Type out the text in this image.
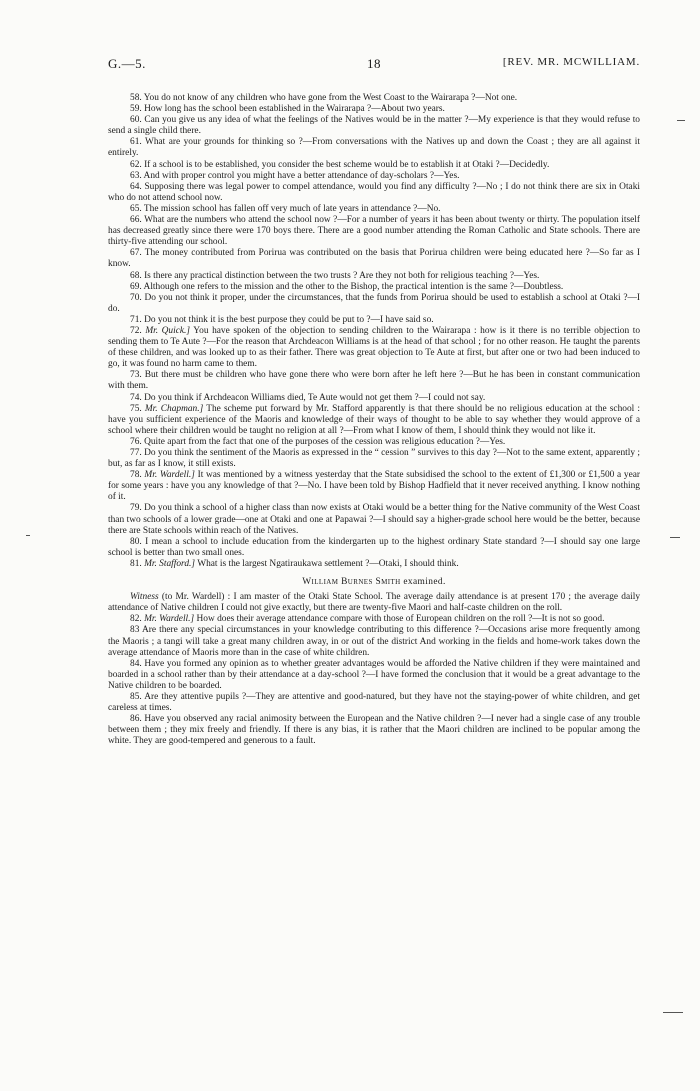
G.—5.	18	[REV. MR. MCWILLIAM.

58. You do not know of any children who have gone from the West Coast to the Wairarapa ?—Not one.

59. How long has the school been established in the Wairarapa ?—About two years.

60. Can you give us any idea of what the feelings of the Natives would be in the matter ?—My experience is that they would refuse to send a single child there.

61. What are your grounds for thinking so ?—From conversations with the Natives up and down the Coast ; they are all against it entirely.

62. If a school is to be established, you consider the best scheme would be to establish it at Otaki ?—Decidedly.

63. And with proper control you might have a better attendance of day-scholars ?—Yes.

64. Supposing there was legal power to compel attendance, would you find any difficulty ?—No ; I do not think there are six in Otaki who do not attend school now.

65. The mission school has fallen off very much of late years in attendance ?—No.

66. What are the numbers who attend the school now ?—For a number of years it has been about twenty or thirty. The population itself has decreased greatly since there were 170 boys there. There are a good number attending the Roman Catholic and State schools. There are thirty-five attending our school.

67. The money contributed from Porirua was contributed on the basis that Porirua children were being educated here ?—So far as I know.

68. Is there any practical distinction between the two trusts ? Are they not both for religious teaching ?—Yes.

69. Although one refers to the mission and the other to the Bishop, the practical intention is the same ?—Doubtless.

70. Do you not think it proper, under the circumstances, that the funds from Porirua should be used to establish a school at Otaki ?—I do.

71. Do you not think it is the best purpose they could be put to ?—I have said so.

72. Mr. Quick.] You have spoken of the objection to sending children to the Wairarapa : how is it there is no terrible objection to sending them to Te Aute ?—For the reason that Archdeacon Williams is at the head of that school ; for no other reason. He taught the parents of these children, and was looked up to as their father. There was great objection to Te Aute at first, but after one or two had been induced to go, it was found no harm came to them.

73. But there must be children who have gone there who were born after he left here ?—But he has been in constant communication with them.

74. Do you think if Archdeacon Williams died, Te Aute would not get them ?—I could not say.

75. Mr. Chapman.] The scheme put forward by Mr. Stafford apparently is that there should be no religious education at the school : have you sufficient experience of the Maoris and knowledge of their ways of thought to be able to say whether they would approve of a school where their children would be taught no religion at all ?—From what I know of them, I should think they would not like it.

76. Quite apart from the fact that one of the purposes of the cession was religious education ?—Yes.

77. Do you think the sentiment of the Maoris as expressed in the “ cession ” survives to this day ?—Not to the same extent, apparently ; but, as far as I know, it still exists.

78. Mr. Wardell.] It was mentioned by a witness yesterday that the State subsidised the school to the extent of £1,300 or £1,500 a year for some years : have you any knowledge of that ?—No. I have been told by Bishop Hadfield that it never received anything. I know nothing of it.

79. Do you think a school of a higher class than now exists at Otaki would be a better thing for the Native community of the West Coast than two schools of a lower grade—one at Otaki and one at Papawai ?—I should say a higher-grade school here would be the better, because there are State schools within reach of the Natives.

80. I mean a school to include education from the kindergarten up to the highest ordinary State standard ?—I should say one large school is better than two small ones.

81. Mr. Stafford.] What is the largest Ngatiraukawa settlement ?—Otaki, I should think.

William Burnes Smith examined.

Witness (to Mr. Wardell) : I am master of the Otaki State School. The average daily attendance is at present 170 ; the average daily attendance of Native children I could not give exactly, but there are twenty-five Maori and half-caste children on the roll.

82. Mr. Wardell.] How does their average attendance compare with those of European children on the roll ?—It is not so good.

83 Are there any special circumstances in your knowledge contributing to this difference ?—Occasions arise more frequently among the Maoris ; a tangi will take a great many children away, in or out of the district And working in the fields and home-work takes down the average attendance of Maoris more than in the case of white children.

84. Have you formed any opinion as to whether greater advantages would be afforded the Native children if they were maintained and boarded in a school rather than by their attendance at a day-school ?—I have formed the conclusion that it would be a great advantage to the Native children to be boarded.

85. Are they attentive pupils ?—They are attentive and good-natured, but they have not the staying-power of white children, and get careless at times.

86. Have you observed any racial animosity between the European and the Native children ?—I never had a single case of any trouble between them ; they mix freely and friendly. If there is any bias, it is rather that the Maori children are inclined to be popular among the white. They are good-tempered and generous to a fault.
